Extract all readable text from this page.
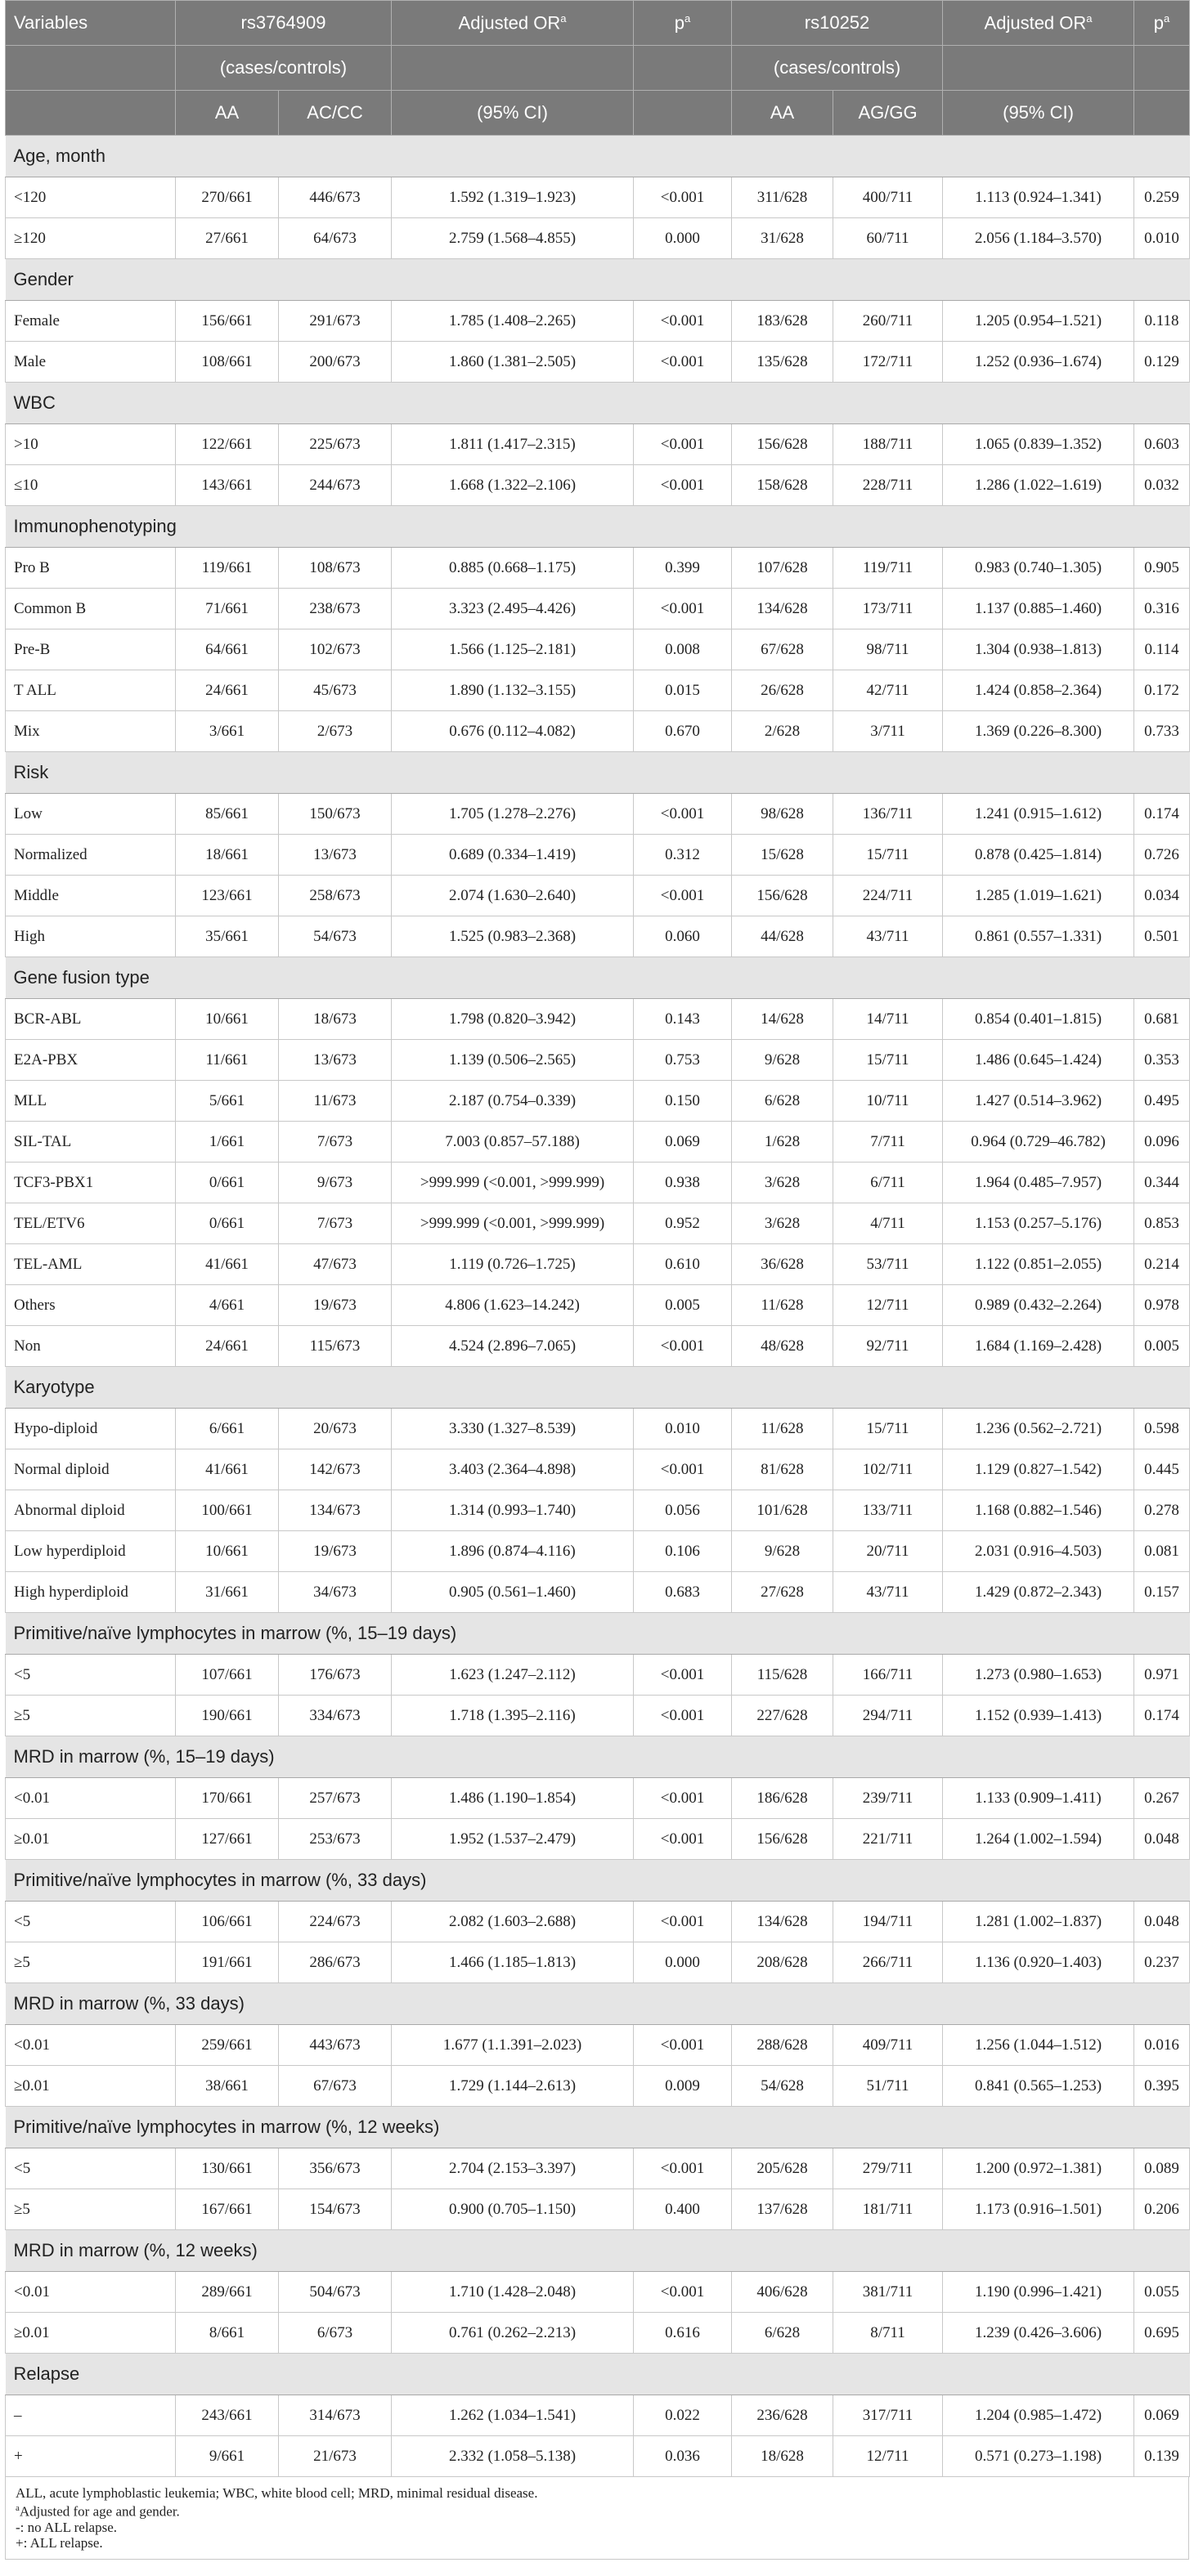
Variables	rs3764909		Adjusted $OR^a$	$p^a$	rs10252		Adjusted $OR^a$	$p^a$
	(cases/controls)				(cases/controls)			
	AA	AC/CC	(95% CI)		AA	AG/GG	(95% CI)	
Age, month								
<120	270/661	446/673	1.592 (1.319–1.923)	<0.001	311/628	400/711	1.113 (0.924–1.341)	0.259
≥120	27/661	64/673	2.759 (1.568–4.855)	0.000	31/628	60/711	2.056 (1.184–3.570)	0.010
Gender								
Female	156/661	291/673	1.785 (1.408–2.265)	<0.001	183/628	260/711	1.205 (0.954–1.521)	0.118
Male	108/661	200/673	1.860 (1.381–2.505)	<0.001	135/628	172/711	1.252 (0.936–1.674)	0.129
WBC								
>10	122/661	225/673	1.811 (1.417–2.315)	<0.001	156/628	188/711	1.065 (0.839–1.352)	0.603
≤10	143/661	244/673	1.668 (1.322–2.106)	<0.001	158/628	228/711	1.286 (1.022–1.619)	0.032
Immunophenotyping								
Pro B	119/661	108/673	0.885 (0.668–1.175)	0.399	107/628	119/711	0.983 (0.740–1.305)	0.905
Common B	71/661	238/673	3.323 (2.495–4.426)	<0.001	134/628	173/711	1.137 (0.885–1.460)	0.316
Pre-B	64/661	102/673	1.566 (1.125–2.181)	0.008	67/628	98/711	1.304 (0.938–1.813)	0.114
T ALL	24/661	45/673	1.890 (1.132–3.155)	0.015	26/628	42/711	1.424 (0.858–2.364)	0.172
Mix	3/661	2/673	0.676 (0.112–4.082)	0.670	2/628	3/711	1.369 (0.226–8.300)	0.733
Risk								
Low	85/661	150/673	1.705 (1.278–2.276)	<0.001	98/628	136/711	1.241 (0.915–1.612)	0.174
Normalized	18/661	13/673	0.689 (0.334–1.419)	0.312	15/628	15/711	0.878 (0.425–1.814)	0.726
Middle	123/661	258/673	2.074 (1.630–2.640)	<0.001	156/628	224/711	1.285 (1.019–1.621)	0.034
High	35/661	54/673	1.525 (0.983–2.368)	0.060	44/628	43/711	0.861 (0.557–1.331)	0.501
Gene fusion type								
BCR-ABL	10/661	18/673	1.798 (0.820–3.942)	0.143	14/628	14/711	0.854 (0.401–1.815)	0.681
E2A-PBX	11/661	13/673	1.139 (0.506–2.565)	0.753	9/628	15/711	1.486 (0.645–1.424)	0.353
MLL	5/661	11/673	2.187 (0.754–0.339)	0.150	6/628	10/711	1.427 (0.514–3.962)	0.495
SIL-TAL	1/661	7/673	7.003 (0.857–57.188)	0.069	1/628	7/711	0.964 (0.729–46.782)	0.096
TCF3-PBX1	0/661	9/673	>999.999 (<0.001, >999.999)	0.938	3/628	6/711	1.964 (0.485–7.957)	0.344
TEL/ETV6	0/661	7/673	>999.999 (<0.001, >999.999)	0.952	3/628	4/711	1.153 (0.257–5.176)	0.853
TEL-AML	41/661	47/673	1.119 (0.726–1.725)	0.610	36/628	53/711	1.122 (0.851–2.055)	0.214
Others	4/661	19/673	4.806 (1.623–14.242)	0.005	11/628	12/711	0.989 (0.432–2.264)	0.978
Non	24/661	115/673	4.524 (2.896–7.065)	<0.001	48/628	92/711	1.684 (1.169–2.428)	0.005
Karyotype								
Hypo-diploid	6/661	20/673	3.330 (1.327–8.539)	0.010	11/628	15/711	1.236 (0.562–2.721)	0.598
Normal diploid	41/661	142/673	3.403 (2.364–4.898)	<0.001	81/628	102/711	1.129 (0.827–1.542)	0.445
Abnormal diploid	100/661	134/673	1.314 (0.993–1.740)	0.056	101/628	133/711	1.168 (0.882–1.546)	0.278
Low hyperdiploid	10/661	19/673	1.896 (0.874–4.116)	0.106	9/628	20/711	2.031 (0.916–4.503)	0.081
High hyperdiploid	31/661	34/673	0.905 (0.561–1.460)	0.683	27/628	43/711	1.429 (0.872–2.343)	0.157
Primitive/naïve lymphocytes in marrow (%, 15–19 days)								
<5	107/661	176/673	1.623 (1.247–2.112)	<0.001	115/628	166/711	1.273 (0.980–1.653)	0.971
≥5	190/661	334/673	1.718 (1.395–2.116)	<0.001	227/628	294/711	1.152 (0.939–1.413)	0.174
MRD in marrow (%, 15–19 days)								
<0.01	170/661	257/673	1.486 (1.190–1.854)	<0.001	186/628	239/711	1.133 (0.909–1.411)	0.267
≥0.01	127/661	253/673	1.952 (1.537–2.479)	<0.001	156/628	221/711	1.264 (1.002–1.594)	0.048
Primitive/naïve lymphocytes in marrow (%, 33 days)								
<5	106/661	224/673	2.082 (1.603–2.688)	<0.001	134/628	194/711	1.281 (1.002–1.837)	0.048
≥5	191/661	286/673	1.466 (1.185–1.813)	0.000	208/628	266/711	1.136 (0.920–1.403)	0.237
MRD in marrow (%, 33 days)								
<0.01	259/661	443/673	1.677 (1.1.391–2.023)	<0.001	288/628	409/711	1.256 (1.044–1.512)	0.016
≥0.01	38/661	67/673	1.729 (1.144–2.613)	0.009	54/628	51/711	0.841 (0.565–1.253)	0.395
Primitive/naïve lymphocytes in marrow (%, 12 weeks)								
<5	130/661	356/673	2.704 (2.153–3.397)	<0.001	205/628	279/711	1.200 (0.972–1.381)	0.089
≥5	167/661	154/673	0.900 (0.705–1.150)	0.400	137/628	181/711	1.173 (0.916–1.501)	0.206
MRD in marrow (%, 12 weeks)								
<0.01	289/661	504/673	1.710 (1.428–2.048)	<0.001	406/628	381/711	1.190 (0.996–1.421)	0.055
≥0.01	8/661	6/673	0.761 (0.262–2.213)	0.616	6/628	8/711	1.239 (0.426–3.606)	0.695
Relapse								
–	243/661	314/673	1.262 (1.034–1.541)	0.022	236/628	317/711	1.204 (0.985–1.472)	0.069
+	9/661	21/673	2.332 (1.058–5.138)	0.036	18/628	12/711	0.571 (0.273–1.198)	0.139
ALL, acute lymphoblastic leukemia; WBC, white blood cell; MRD, minimal residual disease.
$^a$Adjusted for age and gender.
-: no ALL relapse.
+: ALL relapse.
